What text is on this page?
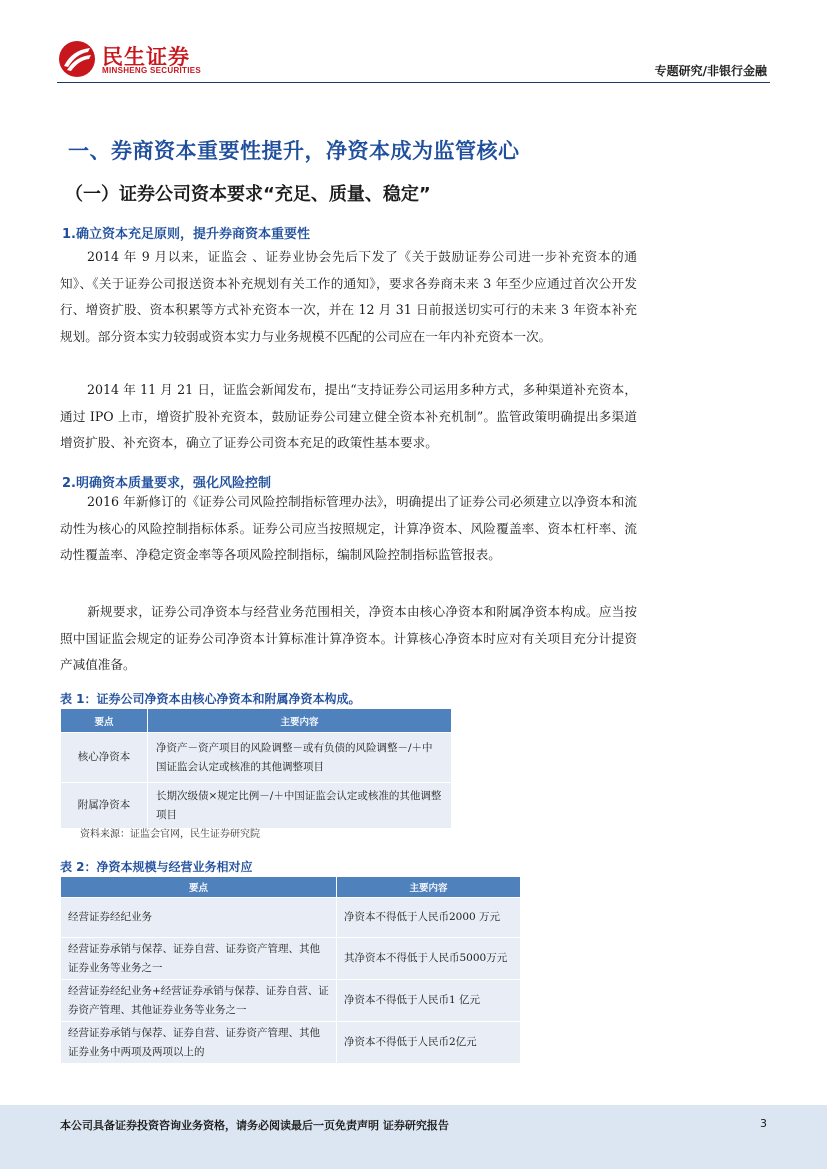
民生证券
MINSHENG SECURITIES	专题研究/非银行金融
一、券商资本重要性提升，净资本成为监管核心
（一）证券公司资本要求“充足、质量、稳定”
1.确立资本充足原则，提升券商资本重要性
2014 年 9 月以来，证监会 、证券业协会先后下发了《关于鼓励证券公司进一步补充资本的通知》、《关于证券公司报送资本补充规划有关工作的通知》，要求各券商未来 3 年至少应通过首次公开发行、增资扩股、资本积累等方式补充资本一次，并在 12 月 31 日前报送切实可行的未来 3 年资本补充规划。部分资本实力较弱或资本实力与业务规模不匹配的公司应在一年内补充资本一次。
2014 年 11 月 21 日，证监会新闻发布，提出“支持证券公司运用多种方式，多种渠道补充资本，通过 IPO 上市，增资扩股补充资本，鼓励证券公司建立健全资本补充机制”。监管政策明确提出多渠道增资扩股、补充资本，确立了证券公司资本充足的政策性基本要求。
2.明确资本质量要求，强化风险控制
2016 年新修订的《证券公司风险控制指标管理办法》，明确提出了证券公司必须建立以净资本和流动性为核心的风险控制指标体系。证券公司应当按照规定，计算净资本、风险覆盖率、资本杠杆率、流动性覆盖率、净稳定资金率等各项风险控制指标，编制风险控制指标监管报表。
新规要求，证券公司净资本与经营业务范围相关，净资本由核心净资本和附属净资本构成。应当按照中国证监会规定的证券公司净资本计算标准计算净资本。计算核心净资本时应对有关项目充分计提资产减值准备。
表 1：证券公司净资本由核心净资本和附属净资本构成。
要点	主要内容
核心净资本	净资产－资产项目的风险调整－或有负债的风险调整－/＋中国证监会认定或核准的其他调整项目
附属净资本	长期次级债×规定比例－/＋中国证监会认定或核准的其他调整项目
资料来源：证监会官网，民生证券研究院
表 2：净资本规模与经营业务相对应
要点	主要内容
经营证券经纪业务	净资本不得低于人民币2000 万元
经营证券承销与保荐、证券自营、证券资产管理、其他证券业务等业务之一	其净资本不得低于人民币5000万元
经营证券经纪业务+经营证券承销与保荐、证券自营、证券资产管理、其他证券业务等业务之一	净资本不得低于人民币1 亿元
经营证券承销与保荐、证券自营、证券资产管理、其他证券业务中两项及两项以上的	净资本不得低于人民币2亿元
本公司具备证券投资咨询业务资格，请务必阅读最后一页免责声明 证券研究报告	3
